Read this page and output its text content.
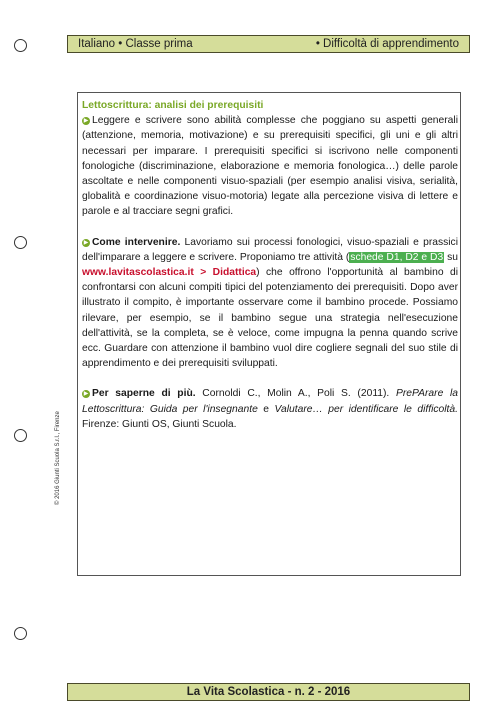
Italiano • Classe prima	• Difficoltà di apprendimento
Lettoscrittura: analisi dei prerequisiti

▶ Leggere e scrivere sono abilità complesse che poggiano su aspetti generali (attenzione, memoria, motivazione) e su prerequisiti specifici, gli uni e gli altri necessari per imparare. I prerequisiti specifici si iscrivono nelle componenti fonologiche (discriminazione, elaborazione e memoria fonologica…) delle parole ascoltate e nelle componenti visuo-spaziali (per esempio analisi visiva, serialità, globalità e coordinazione visuo-motoria) legate alla percezione visiva di lettere e parole e al tracciare segni grafici.

▶ Come intervenire. Lavoriamo sui processi fonologici, visuo-spaziali e prassici dell'imparare a leggere e scrivere. Proponiamo tre attività (schede D1, D2 e D3 su www.lavitascolastica.it > Didattica) che offrono l'opportunità al bambino di confrontarsi con alcuni compiti tipici del potenziamento dei prerequisiti. Dopo aver illustrato il compito, è importante osservare come il bambino procede. Possiamo rilevare, per esempio, se il bambino segue una strategia nell'esecuzione dell'attività, se la completa, se è veloce, come impugna la penna quando scrive ecc. Guardare con attenzione il bambino vuol dire cogliere segnali del suo stile di apprendimento e dei prerequisiti sviluppati.

▶ Per saperne di più. Cornoldi C., Molin A., Poli S. (2011). PrePArare la Lettoscrittura: Guida per l'insegnante e Valutare… per identificare le difficoltà. Firenze: Giunti OS, Giunti Scuola.

© 2016 Giunti Scuola S.r.l., Firenze
La Vita Scolastica - n. 2 - 2016
